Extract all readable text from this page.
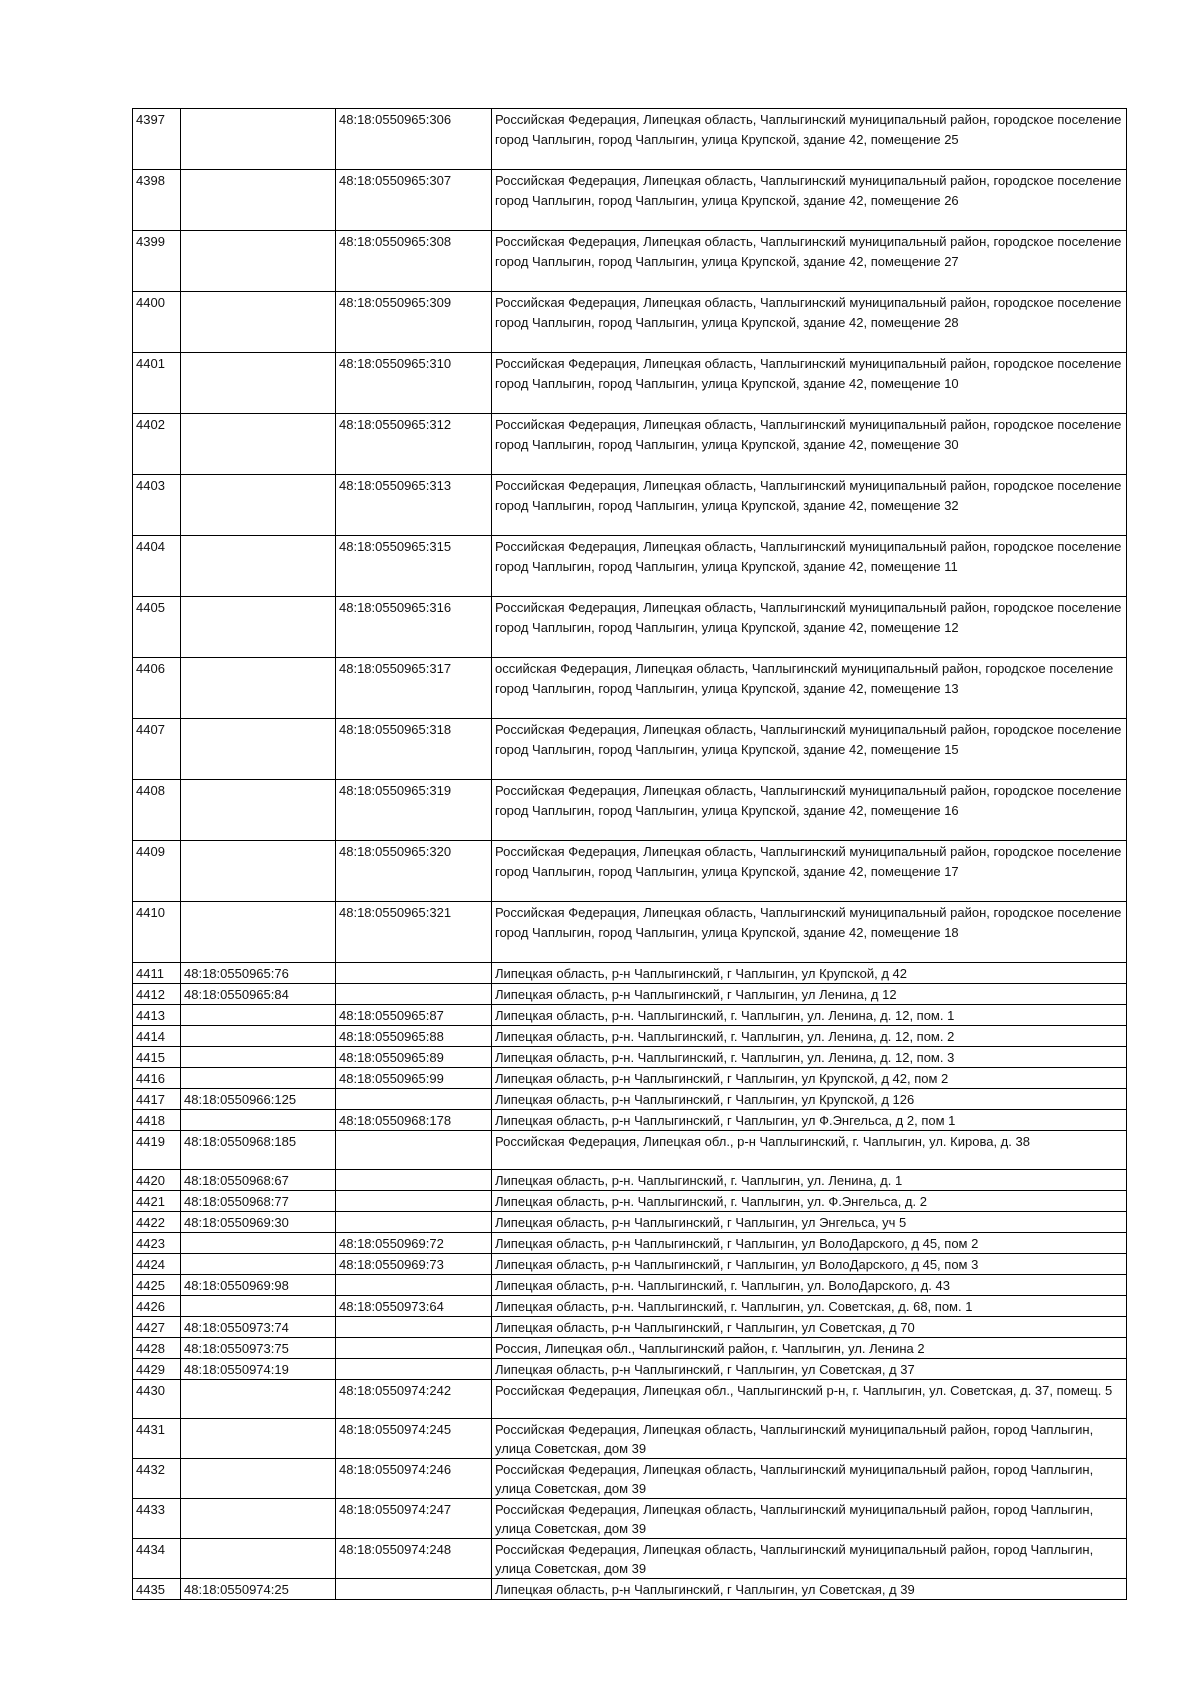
4397		48:18:0550965:306	Российская Федерация, Липецкая область, Чаплыгинский муниципальный район, городское поселение город Чаплыгин, город Чаплыгин, улица Крупской, здание 42, помещение 25
4398		48:18:0550965:307	Российская Федерация, Липецкая область, Чаплыгинский муниципальный район, городское поселение город Чаплыгин, город Чаплыгин, улица Крупской, здание 42, помещение 26
4399		48:18:0550965:308	Российская Федерация, Липецкая область, Чаплыгинский муниципальный район, городское поселение город Чаплыгин, город Чаплыгин, улица Крупской, здание 42, помещение 27
4400		48:18:0550965:309	Российская Федерация, Липецкая область, Чаплыгинский муниципальный район, городское поселение город Чаплыгин, город Чаплыгин, улица Крупской, здание 42, помещение 28
4401		48:18:0550965:310	Российская Федерация, Липецкая область, Чаплыгинский муниципальный район, городское поселение город Чаплыгин, город Чаплыгин, улица Крупской, здание 42, помещение 10
4402		48:18:0550965:312	Российская Федерация, Липецкая область, Чаплыгинский муниципальный район, городское поселение город Чаплыгин, город Чаплыгин, улица Крупской, здание 42, помещение 30
4403		48:18:0550965:313	Российская Федерация, Липецкая область, Чаплыгинский муниципальный район, городское поселение город Чаплыгин, город Чаплыгин, улица Крупской, здание 42, помещение 32
4404		48:18:0550965:315	Российская Федерация, Липецкая область, Чаплыгинский муниципальный район, городское поселение город Чаплыгин, город Чаплыгин, улица Крупской, здание 42, помещение 11
4405		48:18:0550965:316	Российская Федерация, Липецкая область, Чаплыгинский муниципальный район, городское поселение город Чаплыгин, город Чаплыгин, улица Крупской, здание 42, помещение 12
4406		48:18:0550965:317	оссийская Федерация, Липецкая область, Чаплыгинский муниципальный район, городское поселение город Чаплыгин, город Чаплыгин, улица Крупской, здание 42, помещение 13
4407		48:18:0550965:318	Российская Федерация, Липецкая область, Чаплыгинский муниципальный район, городское поселение город Чаплыгин, город Чаплыгин, улица Крупской, здание 42, помещение 15
4408		48:18:0550965:319	Российская Федерация, Липецкая область, Чаплыгинский муниципальный район, городское поселение город Чаплыгин, город Чаплыгин, улица Крупской, здание 42, помещение 16
4409		48:18:0550965:320	Российская Федерация, Липецкая область, Чаплыгинский муниципальный район, городское поселение город Чаплыгин, город Чаплыгин, улица Крупской, здание 42, помещение 17
4410		48:18:0550965:321	Российская Федерация, Липецкая область, Чаплыгинский муниципальный район, городское поселение город Чаплыгин, город Чаплыгин, улица Крупской, здание 42, помещение 18
4411	48:18:0550965:76		Липецкая область, р-н Чаплыгинский, г Чаплыгин, ул Крупской, д 42
4412	48:18:0550965:84		Липецкая область, р-н Чаплыгинский, г Чаплыгин, ул Ленина, д 12
4413		48:18:0550965:87	Липецкая область, р-н. Чаплыгинский, г. Чаплыгин, ул. Ленина, д. 12, пом. 1
4414		48:18:0550965:88	Липецкая область, р-н. Чаплыгинский, г. Чаплыгин, ул. Ленина, д. 12, пом. 2
4415		48:18:0550965:89	Липецкая область, р-н. Чаплыгинский, г. Чаплыгин, ул. Ленина, д. 12, пом. 3
4416		48:18:0550965:99	Липецкая область, р-н Чаплыгинский, г Чаплыгин, ул Крупской, д 42, пом 2
4417	48:18:0550966:125		Липецкая область, р-н Чаплыгинский, г Чаплыгин, ул Крупской, д 126
4418		48:18:0550968:178	Липецкая область, р-н Чаплыгинский, г Чаплыгин, ул Ф.Энгельса, д 2, пом 1
4419	48:18:0550968:185		Российская Федерация, Липецкая обл., р-н Чаплыгинский, г. Чаплыгин, ул. Кирова, д. 38
4420	48:18:0550968:67		Липецкая область, р-н. Чаплыгинский, г. Чаплыгин, ул. Ленина, д. 1
4421	48:18:0550968:77		Липецкая область, р-н. Чаплыгинский, г. Чаплыгин, ул. Ф.Энгельса, д. 2
4422	48:18:0550969:30		Липецкая область, р-н Чаплыгинский, г Чаплыгин, ул Энгельса, уч 5
4423		48:18:0550969:72	Липецкая область, р-н Чаплыгинский, г Чаплыгин, ул ВолоДарского, д 45, пом 2
4424		48:18:0550969:73	Липецкая область, р-н Чаплыгинский, г Чаплыгин, ул ВолоДарского, д 45, пом 3
4425	48:18:0550969:98		Липецкая область, р-н. Чаплыгинский, г. Чаплыгин, ул. ВолоДарского, д. 43
4426		48:18:0550973:64	Липецкая область, р-н. Чаплыгинский, г. Чаплыгин, ул. Советская, д. 68, пом. 1
4427	48:18:0550973:74		Липецкая область, р-н Чаплыгинский, г Чаплыгин, ул Советская, д 70
4428	48:18:0550973:75		Россия, Липецкая обл., Чаплыгинский район, г. Чаплыгин, ул. Ленина 2
4429	48:18:0550974:19		Липецкая область, р-н Чаплыгинский, г Чаплыгин, ул Советская, д 37
4430		48:18:0550974:242	Российская Федерация, Липецкая обл., Чаплыгинский р-н, г. Чаплыгин, ул. Советская, д. 37, помещ. 5
4431		48:18:0550974:245	Российская Федерация, Липецкая область, Чаплыгинский муниципальный район, город Чаплыгин, улица Советская, дом 39
4432		48:18:0550974:246	Российская Федерация, Липецкая область, Чаплыгинский муниципальный район, город Чаплыгин, улица Советская, дом 39
4433		48:18:0550974:247	Российская Федерация, Липецкая область, Чаплыгинский муниципальный район, город Чаплыгин, улица Советская, дом 39
4434		48:18:0550974:248	Российская Федерация, Липецкая область, Чаплыгинский муниципальный район, город Чаплыгин, улица Советская, дом 39
4435	48:18:0550974:25		Липецкая область, р-н Чаплыгинский, г Чаплыгин, ул Советская, д 39
